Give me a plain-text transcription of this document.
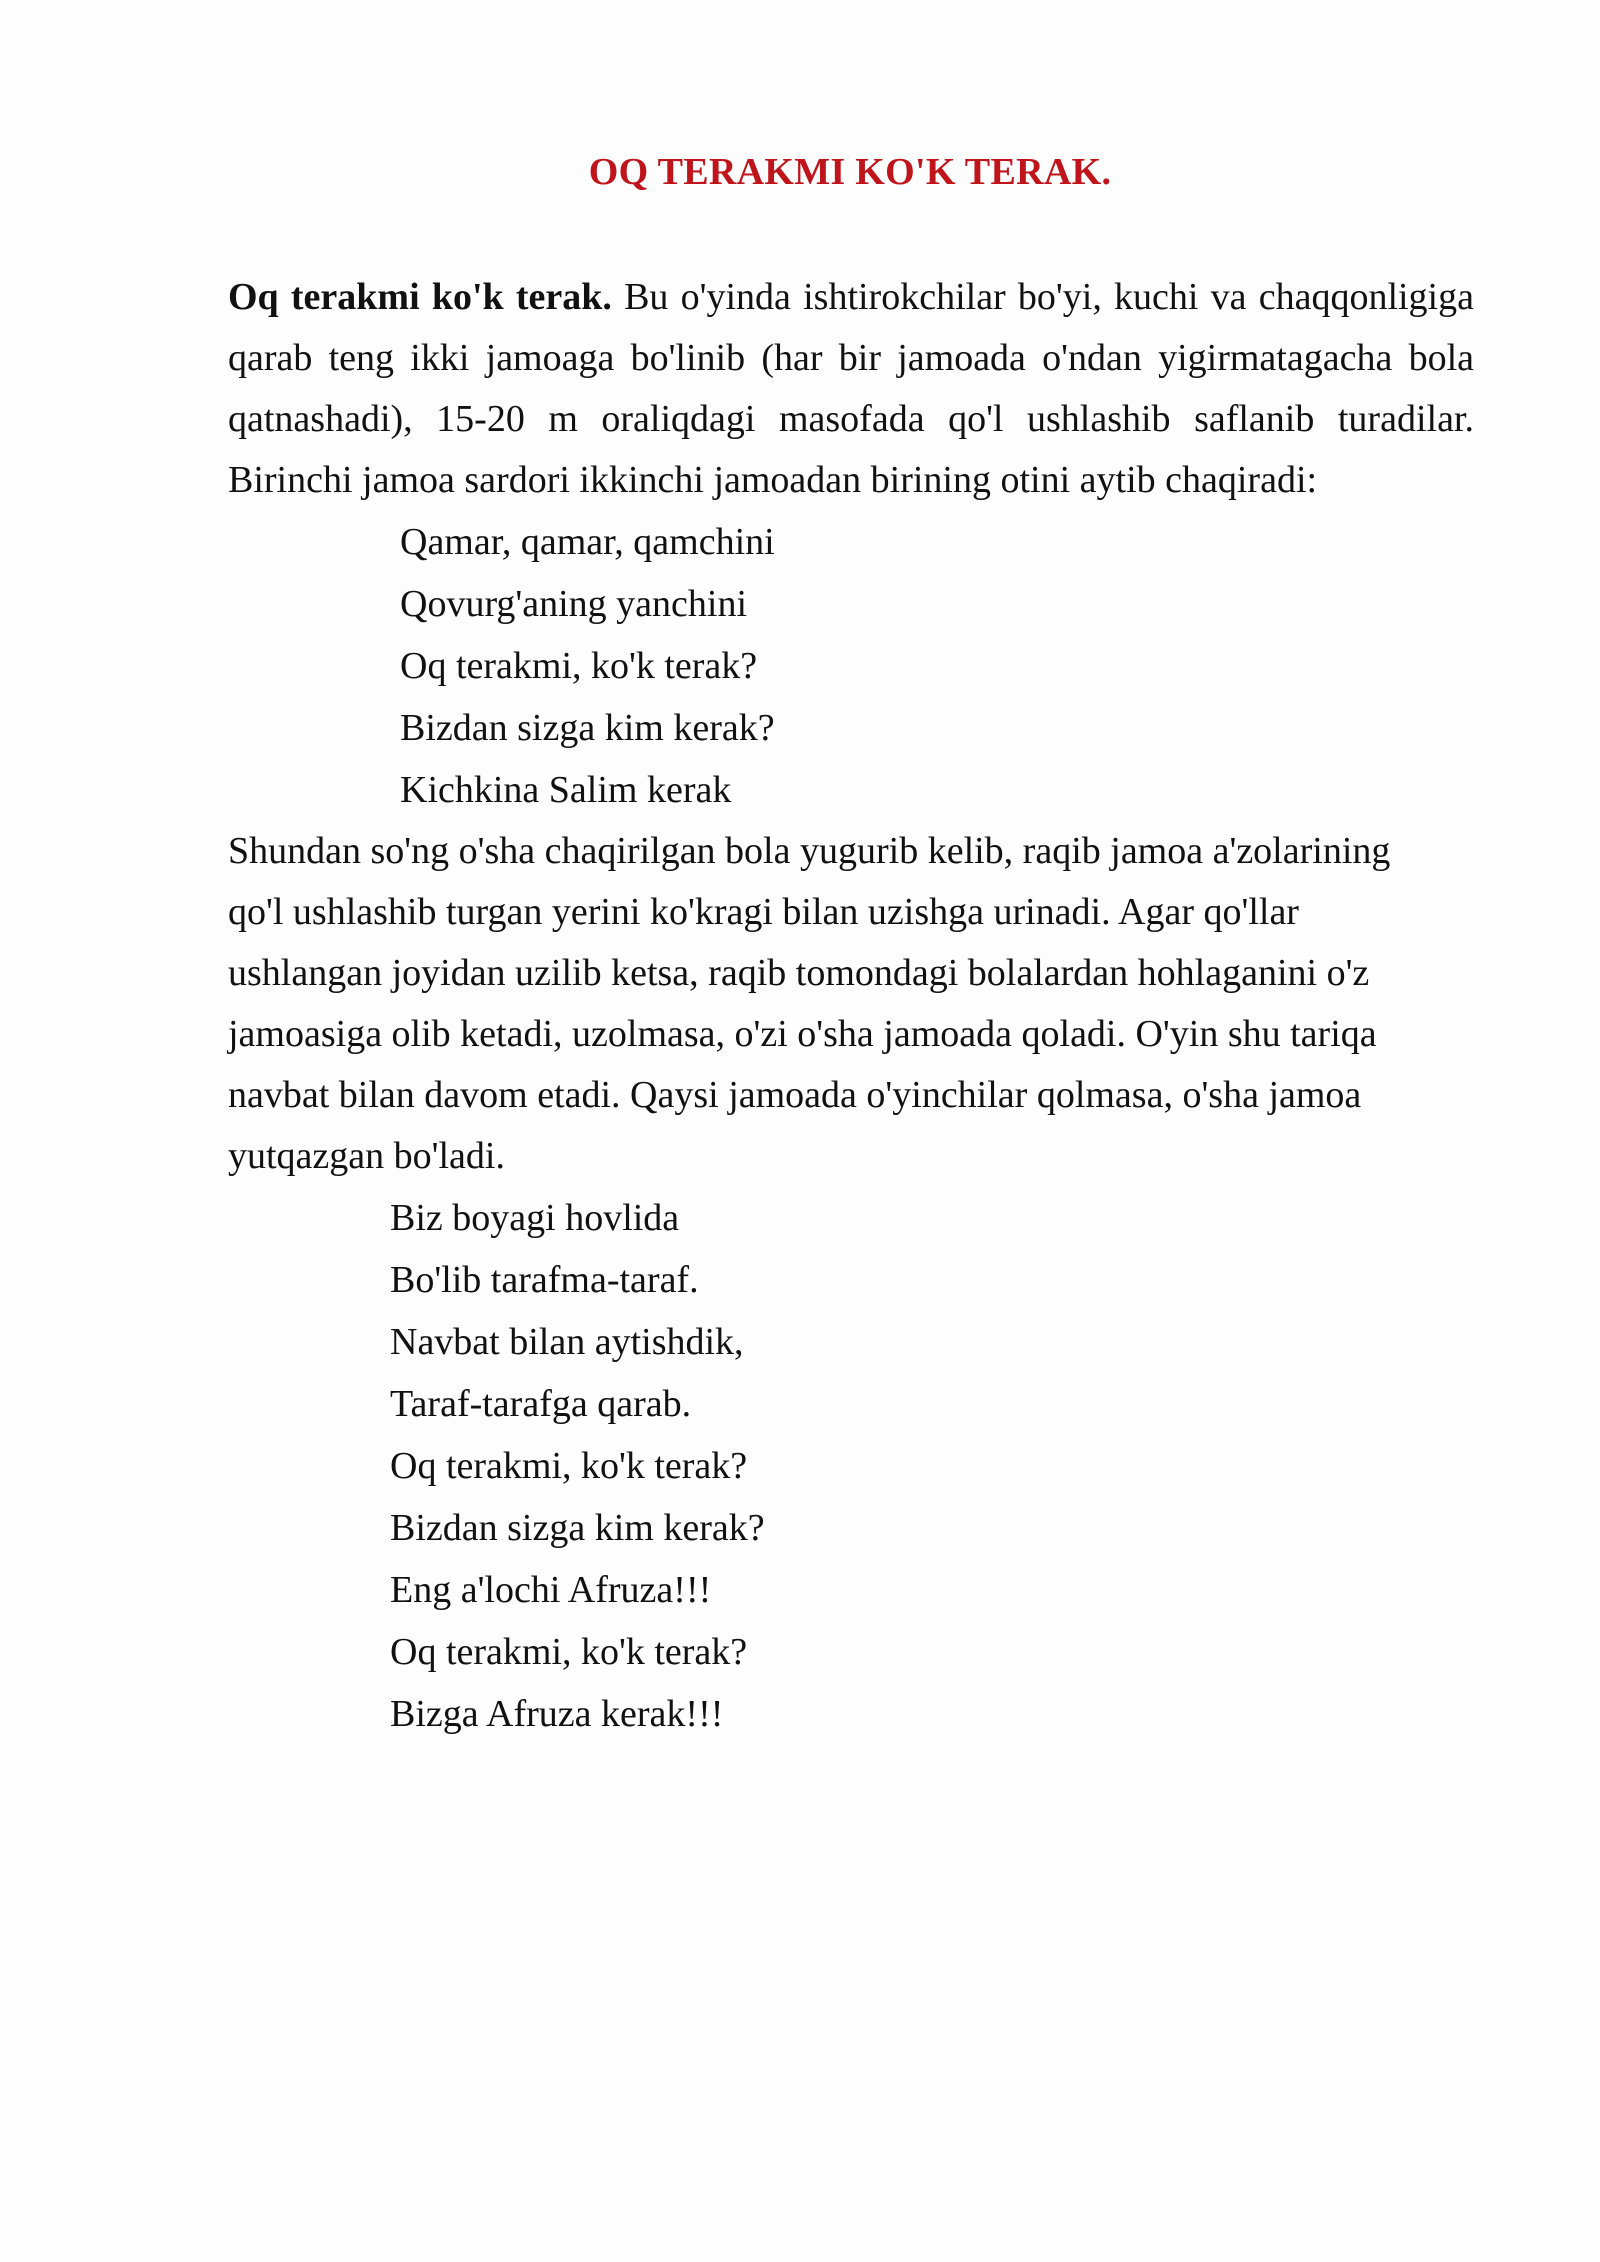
OQ TERAKMI KO'K TERAK.

Oq terakmi ko'k terak. Bu o'yinda ishtirokchilar bo'yi, kuchi va chaqqonligiga qarab teng ikki jamoaga bo'linib (har bir jamoada o'ndan yigirmatagacha bola qatnashadi), 15-20 m oraliqdagi masofada qo'l ushlashib saflanib turadilar. Birinchi jamoa sardori ikkinchi jamoadan birining otini aytib chaqiradi:

Qamar, qamar, qamchini
Qovurg'aning yanchini
Oq terakmi, ko'k terak?
Bizdan sizga kim kerak?
Kichkina Salim kerak
Shundan so'ng o'sha chaqirilgan bola yugurib kelib, raqib jamoa a'zolarining
qo'l ushlashib turgan yerini ko'kragi bilan uzishga urinadi. Agar qo'llar
ushlangan joyidan uzilib ketsa, raqib tomondagi bolalardan hohlaganini o'z
jamoasiga olib ketadi, uzolmasa, o'zi o'sha jamoada qoladi. O'yin shu tariqa
navbat bilan davom etadi. Qaysi jamoada o'yinchilar qolmasa, o'sha jamoa
yutqazgan bo'ladi.
Biz boyagi hovlida
Bo'lib tarafma-taraf.
Navbat bilan aytishdik,
Taraf-tarafga qarab.
Oq terakmi, ko'k terak?
Bizdan sizga kim kerak?
Eng a'lochi Afruza!!!
Oq terakmi, ko'k terak?
Bizga Afruza kerak!!!
